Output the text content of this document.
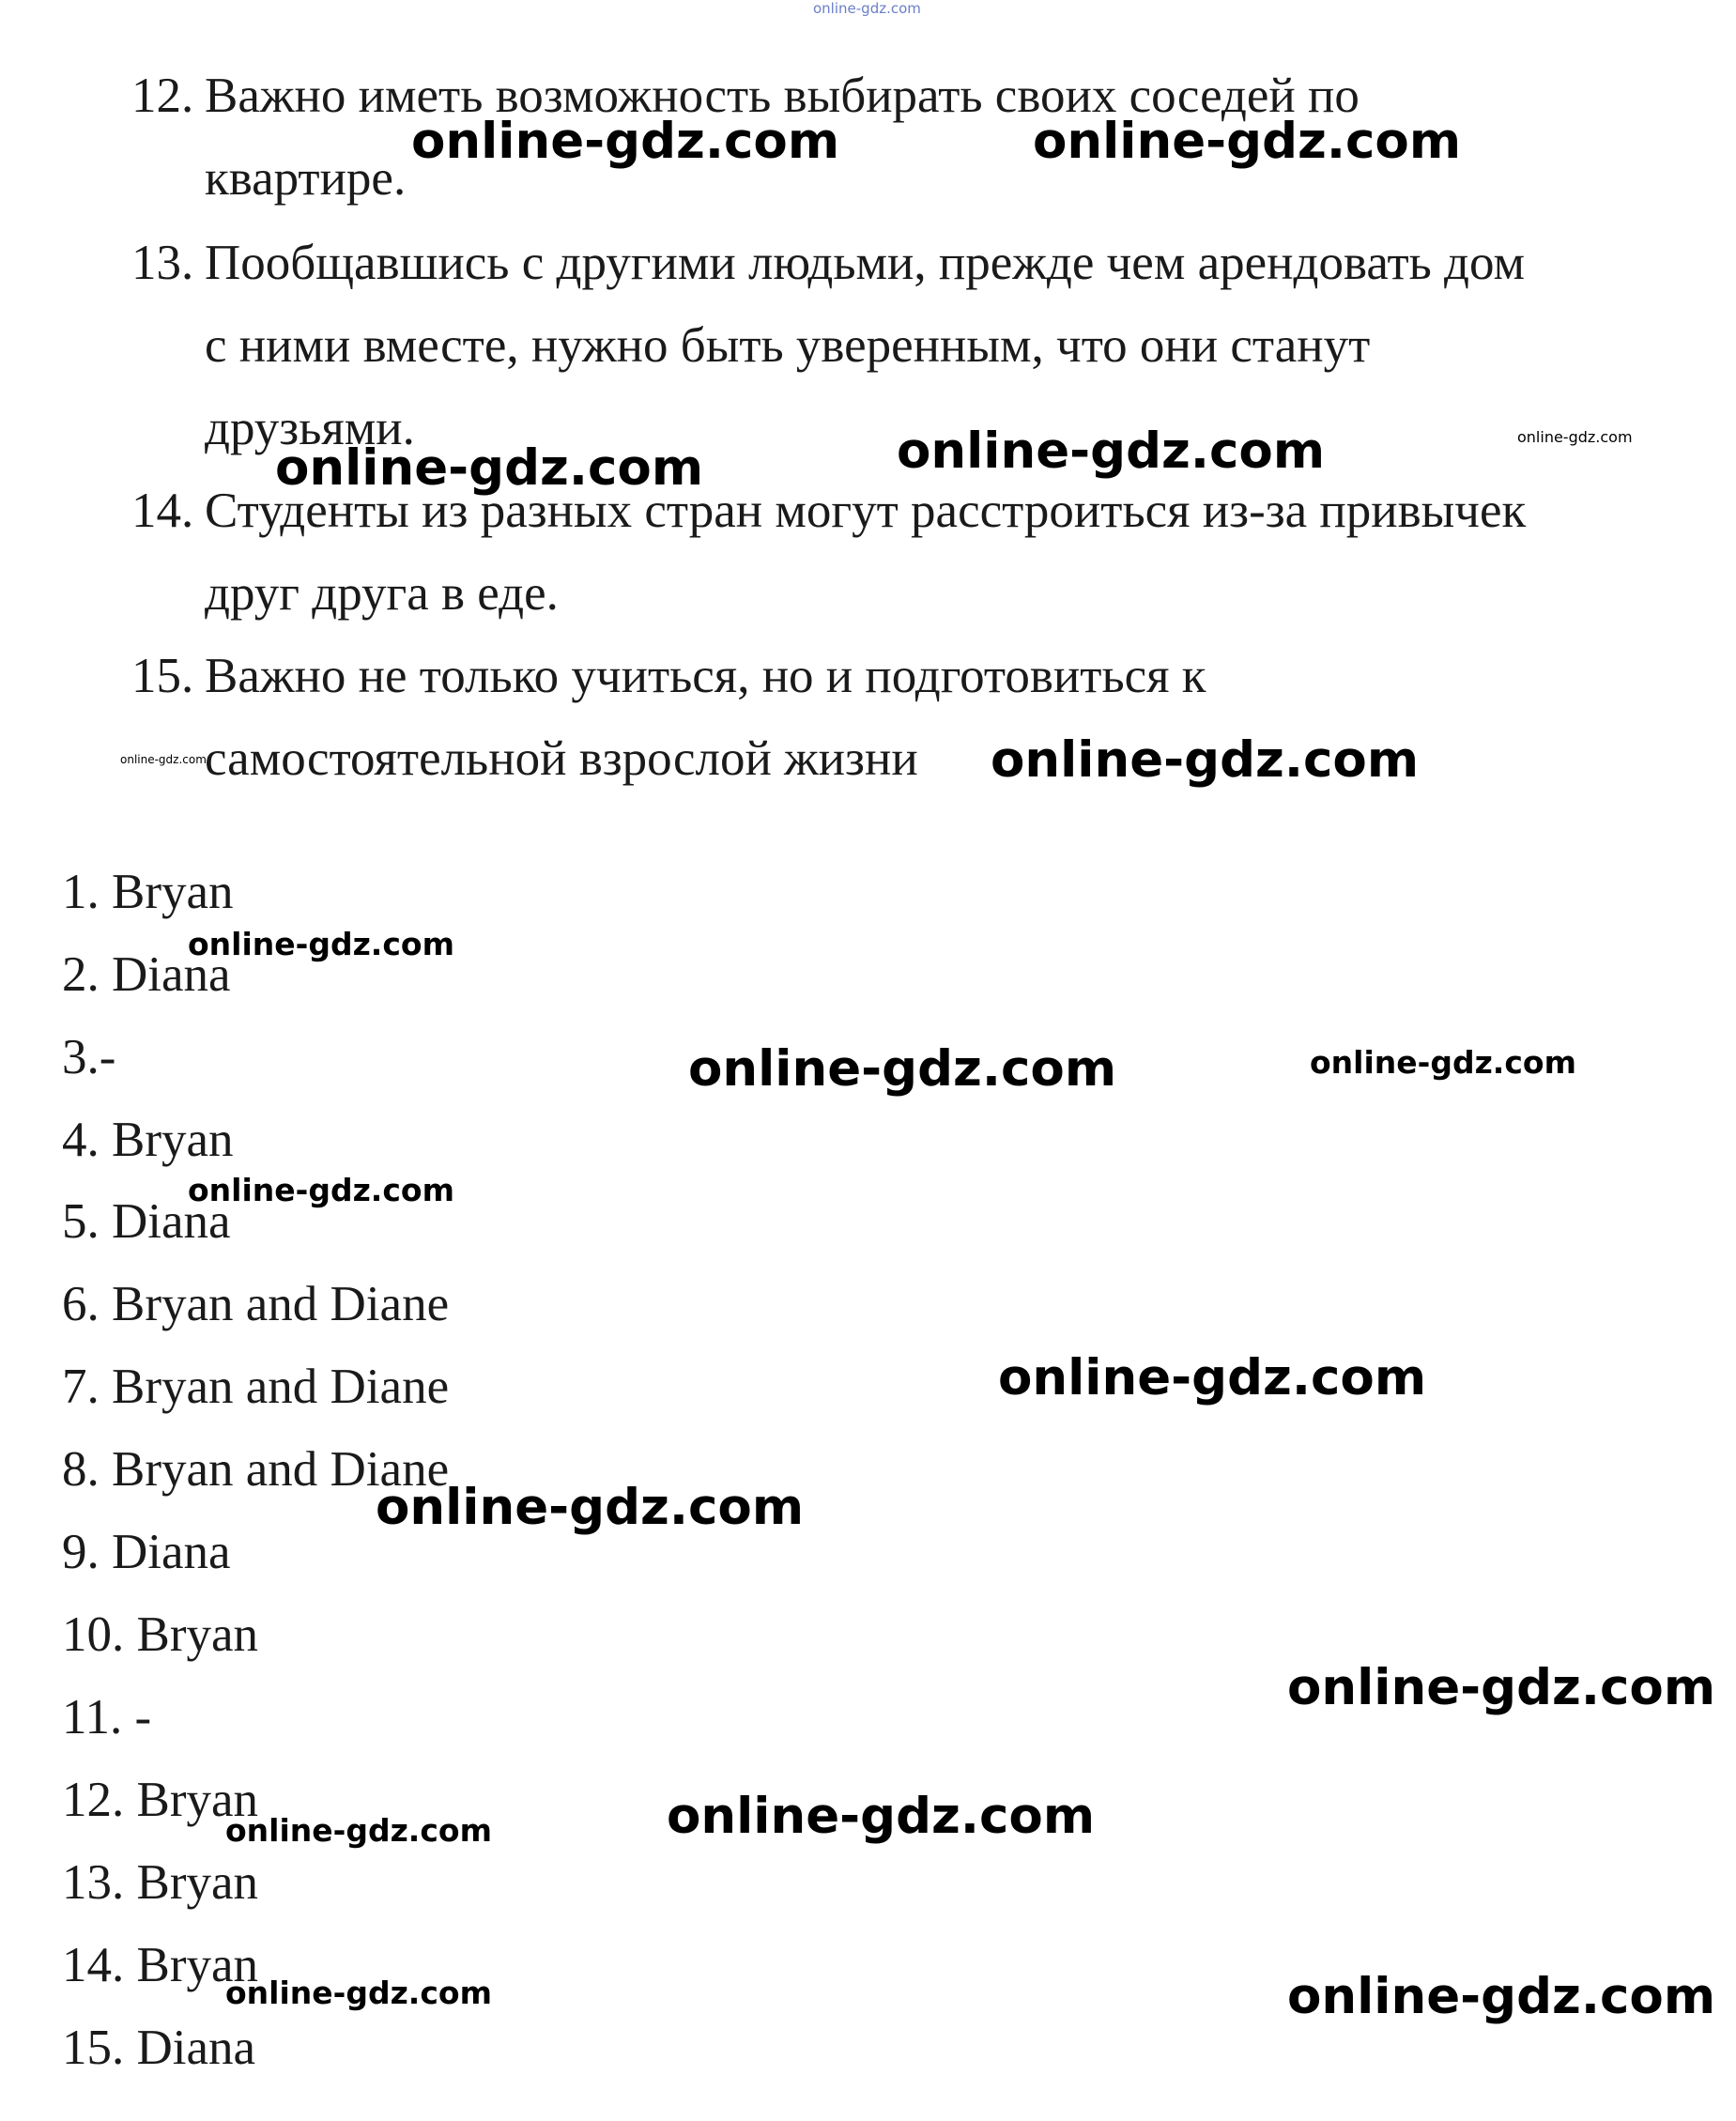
12. Важно иметь возможность выбирать своих соседей по
квартире.
13. Пообщавшись с другими людьми, прежде чем арендовать дом
с ними вместе, нужно быть уверенным, что они станут
друзьями.
14. Студенты из разных стран могут расстроиться из-за привычек
друг друга в еде.
15. Важно не только учиться, но и подготовиться к
самостоятельной взрослой жизни
1. Bryan
2. Diana
3.-
4. Bryan
5. Diana
6. Bryan and Diane
7. Bryan and Diane
8. Bryan and Diane
9. Diana
10. Bryan
11. -
12. Bryan
13. Bryan
14. Bryan
15. Diana
online-gdz.com
online-gdz.com	online-gdz.com
online-gdz.com	online-gdz.com
online-gdz.com
online-gdz.com	online-gdz.com
online-gdz.com
online-gdz.com	online-gdz.com
online-gdz.com
online-gdz.com
online-gdz.com
online-gdz.com
online-gdz.com
online-gdz.com
online-gdz.com
online-gdz.com
